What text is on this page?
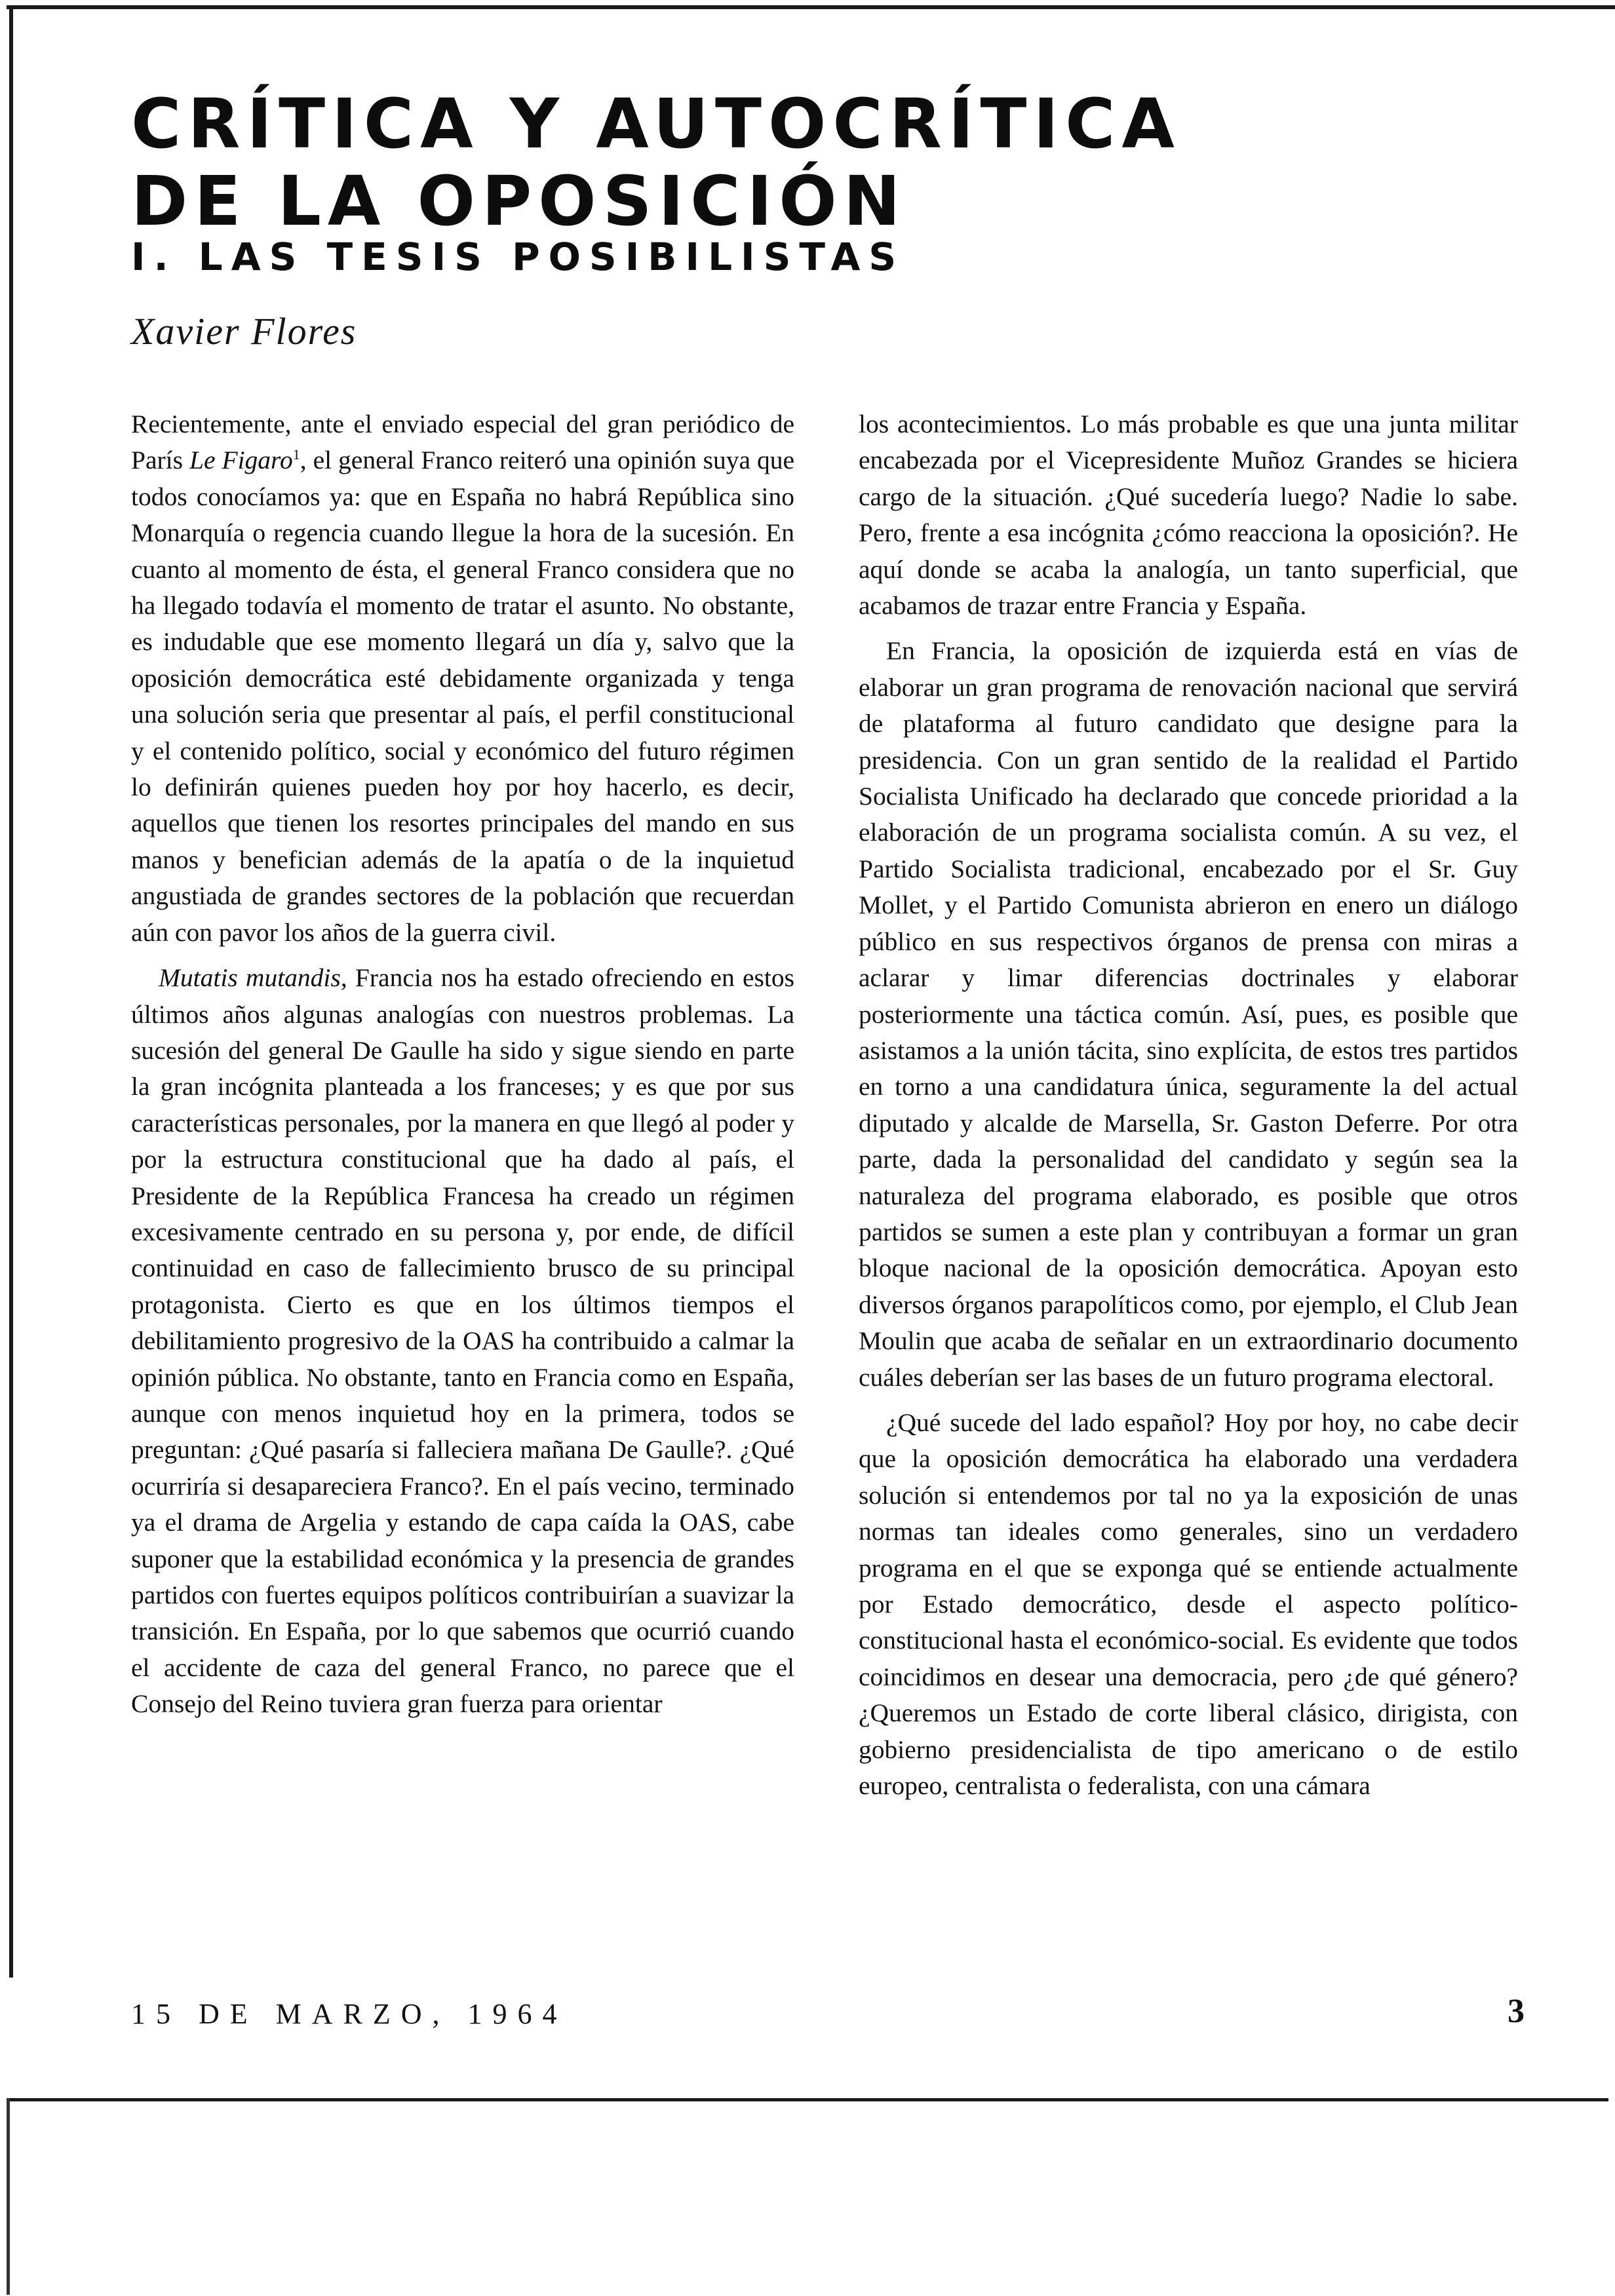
CRÍTICA Y AUTOCRÍTICA
DE LA OPOSICIÓN
I. LAS TESIS POSIBILISTAS
Xavier Flores

Recientemente, ante el enviado especial del gran periódico de París Le Figaro$^1$, el general Franco reiteró una opinión suya que todos conocíamos ya: que en España no habrá República sino Monarquía o regencia cuando llegue la hora de la sucesión. En cuanto al momento de ésta, el general Franco considera que no ha llegado todavía el momento de tratar el asunto. No obstante, es indudable que ese momento llegará un día y, salvo que la oposición democrática esté debidamente organizada y tenga una solución seria que presentar al país, el perfil constitucional y el contenido político, social y económico del futuro régimen lo definirán quienes pueden hoy por hoy hacerlo, es decir, aquellos que tienen los resortes principales del mando en sus manos y benefician además de la apatía o de la inquietud angustiada de grandes sectores de la población que recuerdan aún con pavor los años de la guerra civil.

Mutatis mutandis, Francia nos ha estado ofreciendo en estos últimos años algunas analogías con nuestros problemas. La sucesión del general De Gaulle ha sido y sigue siendo en parte la gran incógnita planteada a los franceses; y es que por sus características personales, por la manera en que llegó al poder y por la estructura constitucional que ha dado al país, el Presidente de la República Francesa ha creado un régimen excesivamente centrado en su persona y, por ende, de difícil continuidad en caso de fallecimiento brusco de su principal protagonista. Cierto es que en los últimos tiempos el debilitamiento progresivo de la OAS ha contribuido a calmar la opinión pública. No obstante, tanto en Francia como en España, aunque con menos inquietud hoy en la primera, todos se preguntan: ¿Qué pasaría si falleciera mañana De Gaulle?. ¿Qué ocurriría si desapareciera Franco?. En el país vecino, terminado ya el drama de Argelia y estando de capa caída la OAS, cabe suponer que la estabilidad económica y la presencia de grandes partidos con fuertes equipos políticos contribuirían a suavizar la transición. En España, por lo que sabemos que ocurrió cuando el accidente de caza del general Franco, no parece que el Consejo del Reino tuviera gran fuerza para orientar

los acontecimientos. Lo más probable es que una junta militar encabezada por el Vicepresidente Muñoz Grandes se hiciera cargo de la situación. ¿Qué sucedería luego? Nadie lo sabe. Pero, frente a esa incógnita ¿cómo reacciona la oposición?. He aquí donde se acaba la analogía, un tanto superficial, que acabamos de trazar entre Francia y España.

En Francia, la oposición de izquierda está en vías de elaborar un gran programa de renovación nacional que servirá de plataforma al futuro candidato que designe para la presidencia. Con un gran sentido de la realidad el Partido Socialista Unificado ha declarado que concede prioridad a la elaboración de un programa socialista común. A su vez, el Partido Socialista tradicional, encabezado por el Sr. Guy Mollet, y el Partido Comunista abrieron en enero un diálogo público en sus respectivos órganos de prensa con miras a aclarar y limar diferencias doctrinales y elaborar posteriormente una táctica común. Así, pues, es posible que asistamos a la unión tácita, sino explícita, de estos tres partidos en torno a una candidatura única, seguramente la del actual diputado y alcalde de Marsella, Sr. Gaston Deferre. Por otra parte, dada la personalidad del candidato y según sea la naturaleza del programa elaborado, es posible que otros partidos se sumen a este plan y contribuyan a formar un gran bloque nacional de la oposición democrática. Apoyan esto diversos órganos parapolíticos como, por ejemplo, el Club Jean Moulin que acaba de señalar en un extraordinario documento cuáles deberían ser las bases de un futuro programa electoral.

¿Qué sucede del lado español? Hoy por hoy, no cabe decir que la oposición democrática ha elaborado una verdadera solución si entendemos por tal no ya la exposición de unas normas tan ideales como generales, sino un verdadero programa en el que se exponga qué se entiende actualmente por Estado democrático, desde el aspecto político-constitucional hasta el económico-social. Es evidente que todos coincidimos en desear una democracia, pero ¿de qué género? ¿Queremos un Estado de corte liberal clásico, dirigista, con gobierno presidencialista de tipo americano o de estilo europeo, centralista o federalista, con una cámara

15 DE MARZO, 1964	3
